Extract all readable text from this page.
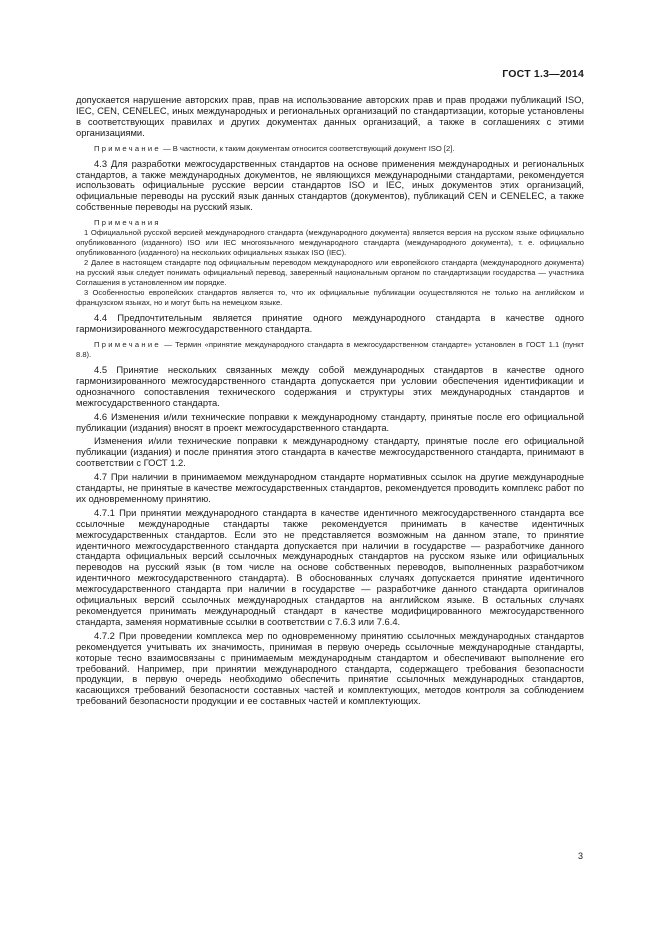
ГОСТ 1.3—2014

допускается нарушение авторских прав, прав на использование авторских прав и прав продажи публикаций ISO, IEC, CEN, CENELEC, иных международных и региональных организаций по стандартизации, которые установлены в соответствующих правилах и других документах данных организаций, а также в соглашениях с этими организациями.

Примечание — В частности, к таким документам относится соответствующий документ ISO [2].

4.3 Для разработки межгосударственных стандартов на основе применения международных и региональных стандартов, а также международных документов, не являющихся международными стандартами, рекомендуется использовать официальные русские версии стандартов ISO и IEC, иных документов этих организаций, официальные переводы на русский язык данных стандартов (документов), публикаций CEN и CENELEC, а также собственные переводы на русский язык.

Примечания

1 Официальной русской версией международного стандарта (международного документа) является версия на русском языке официально опубликованного (изданного) ISO или IEC многоязычного международного стандарта (международного документа), т. е. официально опубликованного (изданного) на нескольких официальных языках ISO (IEC).

2 Далее в настоящем стандарте под официальным переводом международного или европейского стандарта (международного документа) на русский язык следует понимать официальный перевод, заверенный национальным органом по стандартизации государства — участника Соглашения в установленном им порядке.

3 Особенностью европейских стандартов является то, что их официальные публикации осуществляются не только на английском и французском языках, но и могут быть на немецком языке.

4.4 Предпочтительным является принятие одного международного стандарта в качестве одного гармонизированного межгосударственного стандарта.

Примечание — Термин «принятие международного стандарта в межгосударственном стандарте» установлен в ГОСТ 1.1 (пункт 8.8).

4.5 Принятие нескольких связанных между собой международных стандартов в качестве одного гармонизированного межгосударственного стандарта допускается при условии обеспечения идентификации и однозначного сопоставления технического содержания и структуры этих международных стандартов и межгосударственного стандарта.

4.6 Изменения и/или технические поправки к международному стандарту, принятые после его официальной публикации (издания) вносят в проект межгосударственного стандарта.

Изменения и/или технические поправки к международному стандарту, принятые после его официальной публикации (издания) и после принятия этого стандарта в качестве межгосударственного стандарта, принимают в соответствии с ГОСТ 1.2.

4.7 При наличии в принимаемом международном стандарте нормативных ссылок на другие международные стандарты, не принятые в качестве межгосударственных стандартов, рекомендуется проводить комплекс работ по их одновременному принятию.

4.7.1 При принятии международного стандарта в качестве идентичного межгосударственного стандарта все ссылочные международные стандарты также рекомендуется принимать в качестве идентичных межгосударственных стандартов. Если это не представляется возможным на данном этапе, то принятие идентичного межгосударственного стандарта допускается при наличии в государстве — разработчике данного стандарта официальных версий ссылочных международных стандартов на русском языке или официальных переводов на русский язык (в том числе на основе собственных переводов, выполненных разработчиком идентичного межгосударственного стандарта). В обоснованных случаях допускается принятие идентичного межгосударственного стандарта при наличии в государстве — разработчике данного стандарта оригиналов официальных версий ссылочных международных стандартов на английском языке. В остальных случаях рекомендуется принимать международный стандарт в качестве модифицированного межгосударственного стандарта, заменяя нормативные ссылки в соответствии с 7.6.3 или 7.6.4.

4.7.2 При проведении комплекса мер по одновременному принятию ссылочных международных стандартов рекомендуется учитывать их значимость, принимая в первую очередь ссылочные международные стандарты, которые тесно взаимосвязаны с принимаемым международным стандартом и обеспечивают выполнение его требований. Например, при принятии международного стандарта, содержащего требования безопасности продукции, в первую очередь необходимо обеспечить принятие ссылочных международных стандартов, касающихся требований безопасности составных частей и комплектующих, методов контроля за соблюдением требований безопасности продукции и ее составных частей и комплектующих.

3
